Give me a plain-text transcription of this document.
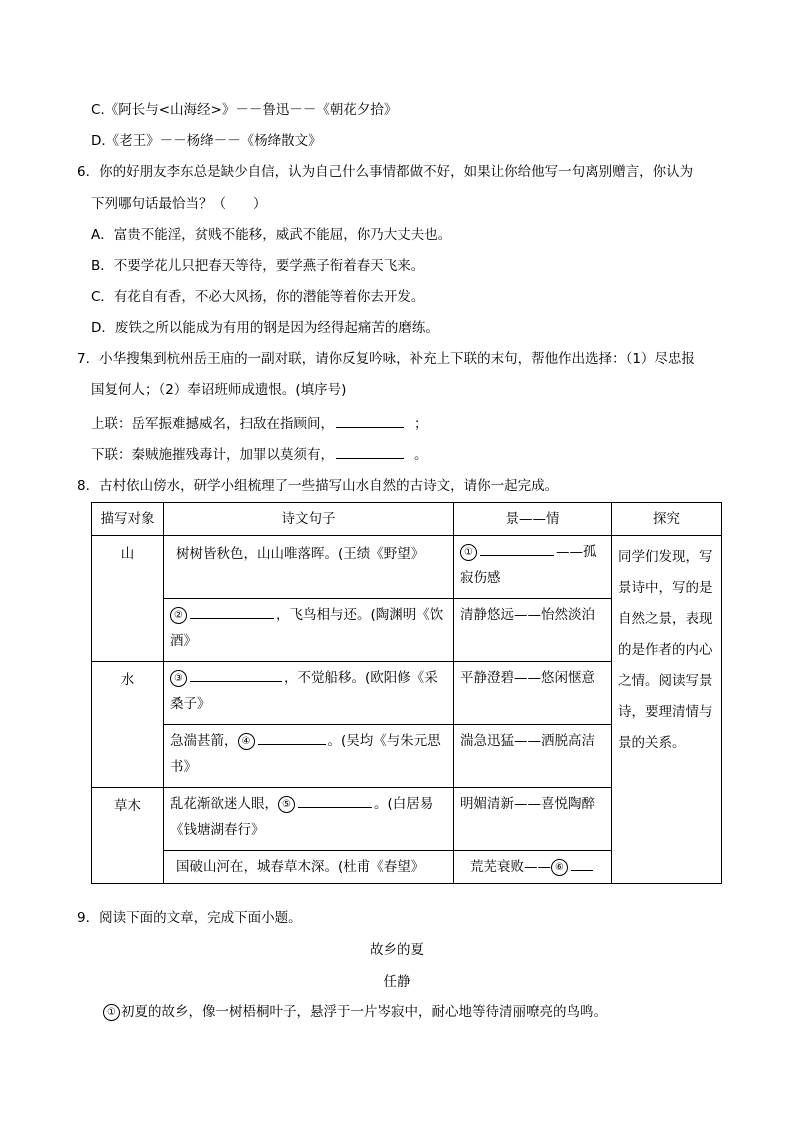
C.《阿长与<山海经>》－－鲁迅－－《朝花夕拾》
D.《老王》－－杨绛－－《杨绛散文》
6．你的好朋友李东总是缺少自信，认为自己什么事情都做不好，如果让你给他写一句离别赠言，你认为
下列哪句话最恰当？（　　）
A．富贵不能淫，贫贱不能移，威武不能屈，你乃大丈夫也。
B．不要学花儿只把春天等待，要学燕子衔着春天飞来。
C．有花自有香，不必大风扬，你的潜能等着你去开发。
D．废铁之所以能成为有用的钢是因为经得起痛苦的磨练。
7．小华搜集到杭州岳王庙的一副对联，请你反复吟咏，补充上下联的末句，帮他作出选择：（1）尽忠报
国复何人；（2）奉诏班师成遗恨。(填序号)
上联：岳军振难撼威名，扫敌在指顾间，	；
下联：秦贼施摧残毒计，加罪以莫须有，	。
8．古村依山傍水，研学小组梳理了一些描写山水自然的古诗文，请你一起完成。
描写对象	诗文句子	景——情	探究
山	树树皆秋色，山山唯落晖。(王绩《野望》	① ——孤寂伤感	同学们发现，写景诗中，写的是自然之景，表现的是作者的内心之情。阅读写景诗，要理清情与景的关系。
	② ，飞鸟相与还。(陶渊明《饮酒》	清静悠远——怡然淡泊	
水	③ ，不觉船移。(欧阳修《采桑子》	平静澄碧——悠闲惬意	
	急湍甚箭， ④ 。(吴均《与朱元思书》	湍急迅猛——洒脱高洁	
草木	乱花渐欲迷人眼， ⑤ 。(白居易《钱塘湖春行》	明媚清新——喜悦陶醉	
	国破山河在，城春草木深。(杜甫《春望》	荒芜衰败—— ⑥	
9．阅读下面的文章，完成下面小题。
故乡的夏
任静
① 初夏的故乡，像一树梧桐叶子，悬浮于一片岑寂中，耐心地等待清丽嘹亮的鸟鸣。
